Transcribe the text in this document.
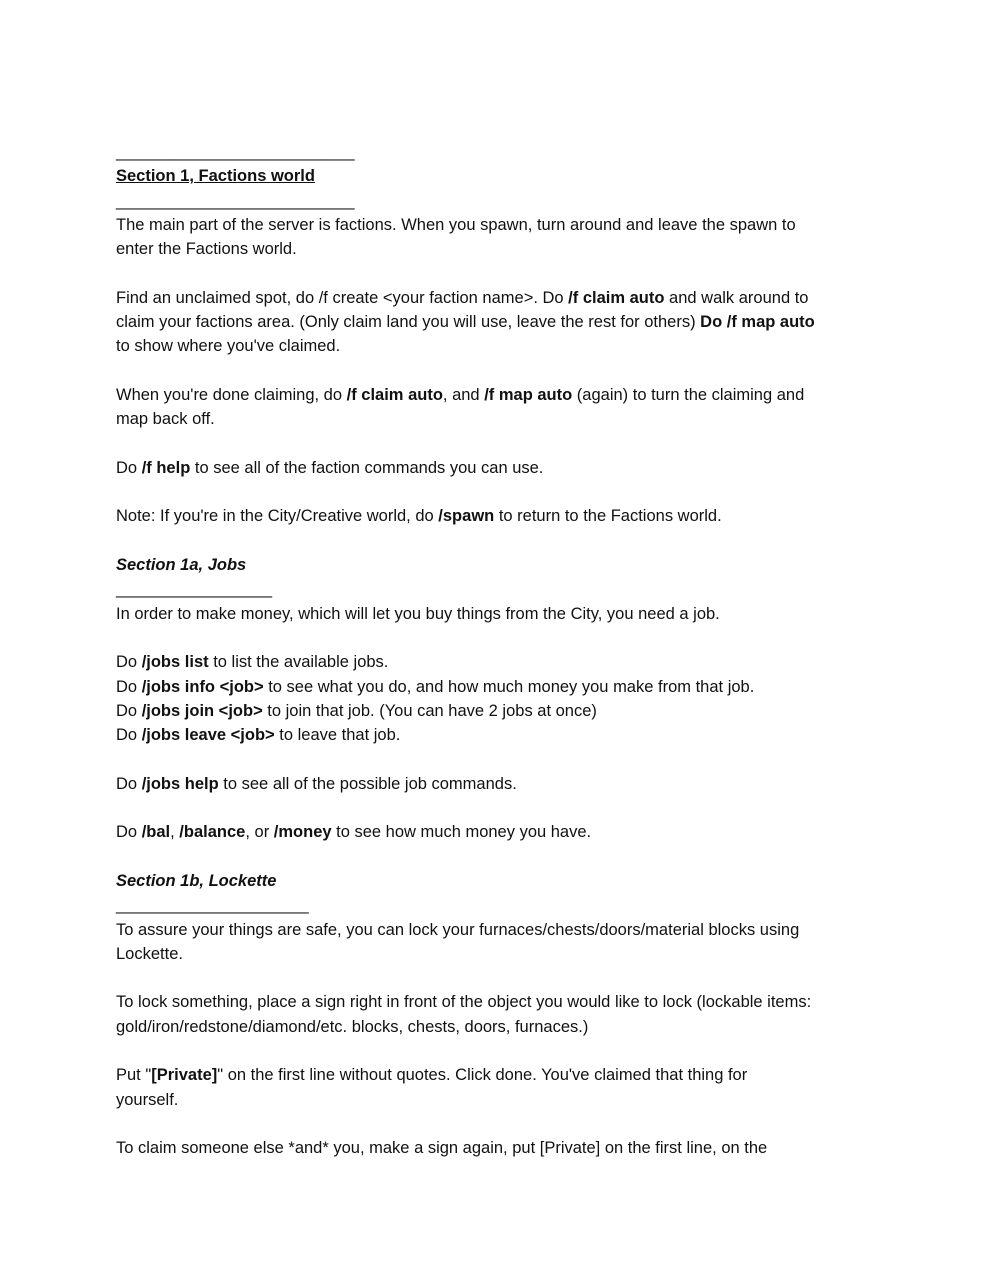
__________________________
Section 1, Factions world
__________________________
The main part of the server is factions. When you spawn, turn around and leave the spawn to
enter the Factions world.
Find an unclaimed spot, do /f create <your faction name>. Do /f claim auto and walk around to
claim your factions area. (Only claim land you will use, leave the rest for others) Do /f map auto
to show where you've claimed.
When you're done claiming, do /f claim auto, and /f map auto (again) to turn the claiming and
map back off.
Do /f help to see all of the faction commands you can use.
Note: If you're in the City/Creative world, do /spawn to return to the Factions world.
Section 1a, Jobs
_________________
In order to make money, which will let you buy things from the City, you need a job.
Do /jobs list to list the available jobs.
Do /jobs info <job> to see what you do, and how much money you make from that job.
Do /jobs join <job> to join that job. (You can have 2 jobs at once)
Do /jobs leave <job> to leave that job.
Do /jobs help to see all of the possible job commands.
Do /bal, /balance, or /money to see how much money you have.
Section 1b, Lockette
_____________________
To assure your things are safe, you can lock your furnaces/chests/doors/material blocks using
Lockette.
To lock something, place a sign right in front of the object you would like to lock (lockable items:
gold/iron/redstone/diamond/etc. blocks, chests, doors, furnaces.)
Put "[Private]" on the first line without quotes. Click done. You've claimed that thing for
yourself.
To claim someone else *and* you, make a sign again, put [Private] on the first line, on the
